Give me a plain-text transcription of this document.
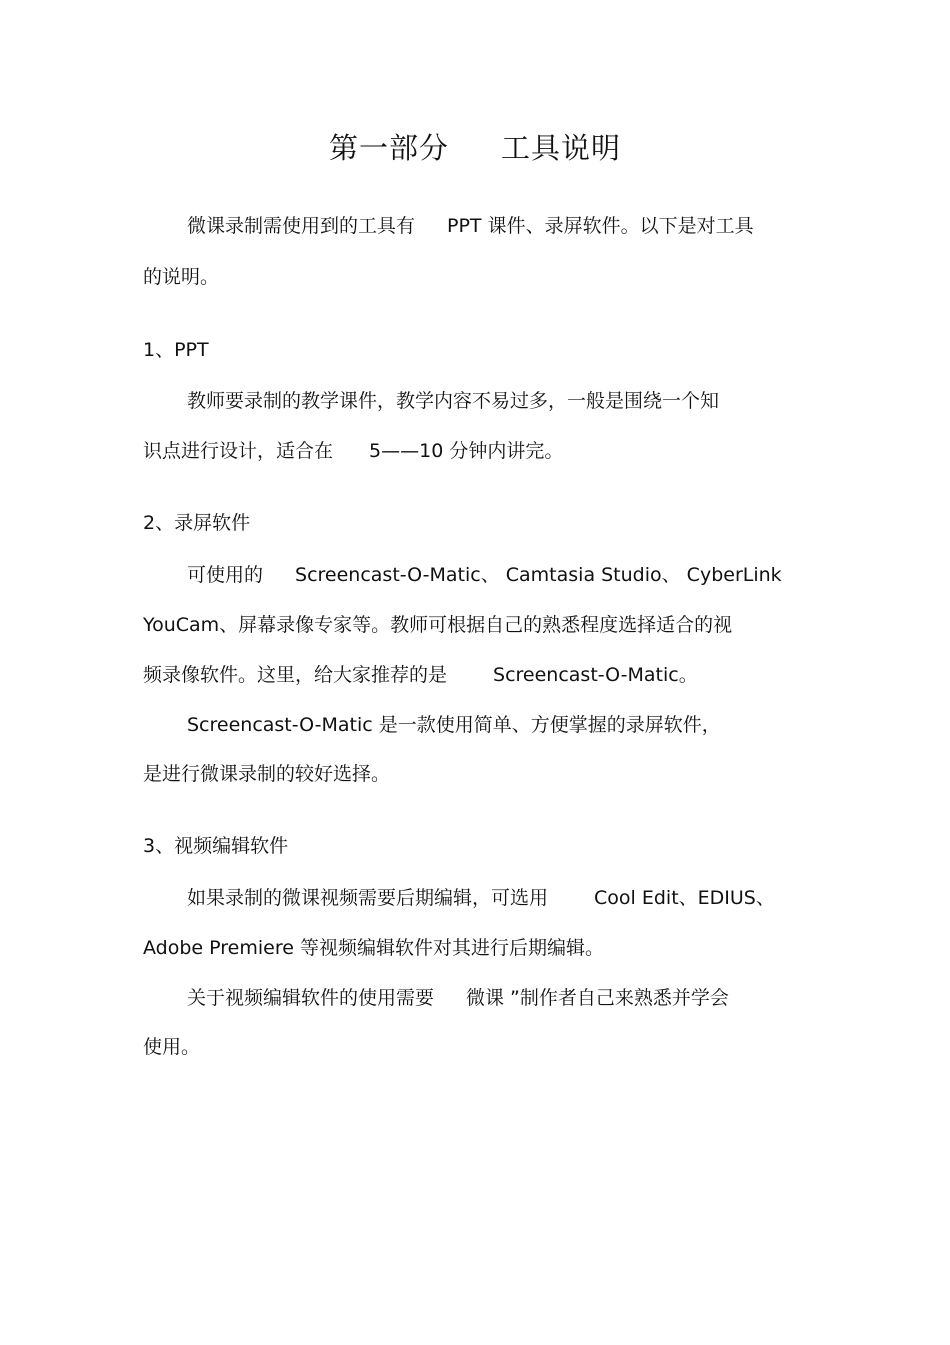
第一部分 工具说明
微课录制需使用到的工具有 PPT 课件、录屏软件。以下是对工具
的说明。
1、PPT
教师要录制的教学课件，教学内容不易过多，一般是围绕一个知
识点进行设计，适合在 5——10 分钟内讲完。
2、录屏软件
可使用的 Screencast-O-Matic、 Camtasia Studio、 CyberLink
YouCam、屏幕录像专家等。教师可根据自己的熟悉程度选择适合的视
频录像软件。这里，给大家推荐的是 Screencast-O-Matic。
Screencast-O-Matic 是一款使用简单、方便掌握的录屏软件，
是进行微课录制的较好选择。
3、视频编辑软件
如果录制的微课视频需要后期编辑，可选用 Cool Edit、EDIUS、
Adobe Premiere 等视频编辑软件对其进行后期编辑。
关于视频编辑软件的使用需要 微课 ”制作者自己来熟悉并学会
使用。
